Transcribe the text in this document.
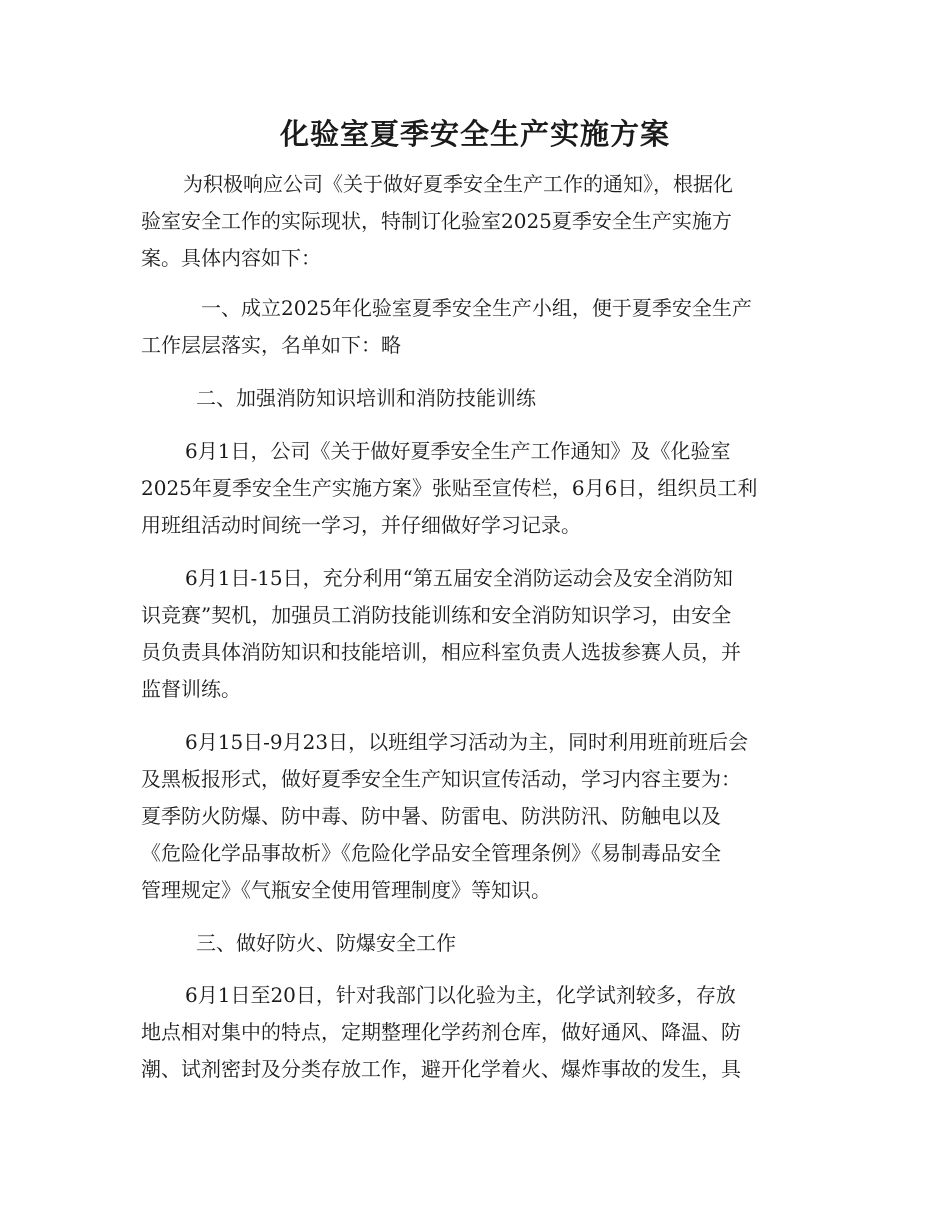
化验室夏季安全生产实施方案

为积极响应公司《关于做好夏季安全生产工作的通知》，根据化
验室安全工作的实际现状，特制订化验室2025夏季安全生产实施方
案。具体内容如下：

一、成立2025年化验室夏季安全生产小组，便于夏季安全生产
工作层层落实，名单如下：略

二、加强消防知识培训和消防技能训练

6月1日，公司《关于做好夏季安全生产工作通知》及《化验室
2025年夏季安全生产实施方案》张贴至宣传栏，6月6日，组织员工利
用班组活动时间统一学习，并仔细做好学习记录。

6月1日-15日，充分利用“第五届安全消防运动会及安全消防知
识竞赛”契机，加强员工消防技能训练和安全消防知识学习，由安全
员负责具体消防知识和技能培训，相应科室负责人选拔参赛人员，并
监督训练。

6月15日-9月23日，以班组学习活动为主，同时利用班前班后会
及黑板报形式，做好夏季安全生产知识宣传活动，学习内容主要为：
夏季防火防爆、防中毒、防中暑、防雷电、防洪防汛、防触电以及
《危险化学品事故析》《危险化学品安全管理条例》《易制毒品安全
管理规定》《气瓶安全使用管理制度》等知识。

三、做好防火、防爆安全工作

6月1日至20日，针对我部门以化验为主，化学试剂较多，存放
地点相对集中的特点，定期整理化学药剂仓库，做好通风、降温、防
潮、试剂密封及分类存放工作，避开化学着火、爆炸事故的发生，具
